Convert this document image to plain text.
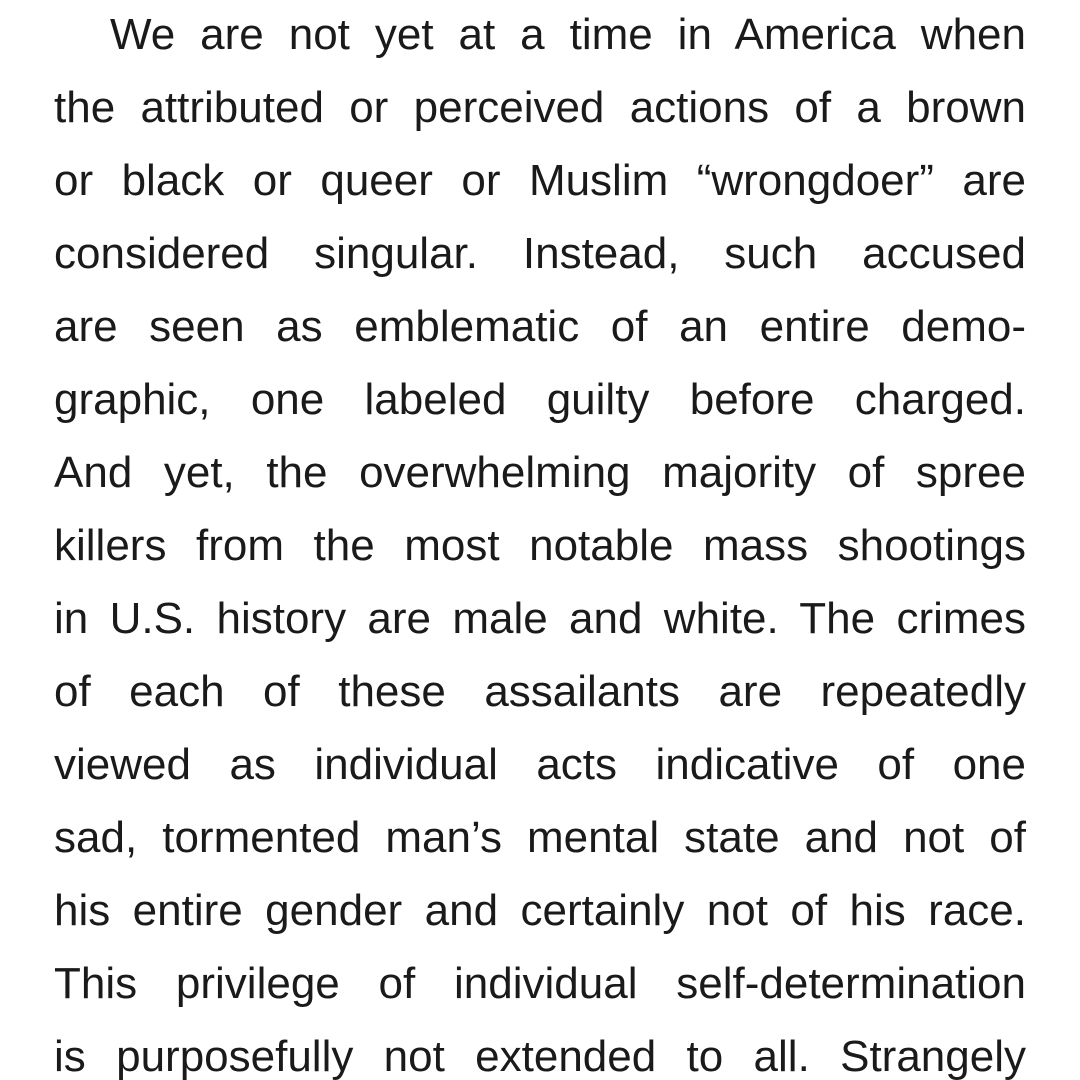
We are not yet at a time in America when
the attributed or perceived actions of a brown
or black or queer or Muslim “wrongdoer” are
considered singular. Instead, such accused
are seen as emblematic of an entire demo-
graphic, one labeled guilty before charged.
And yet, the overwhelming majority of spree
killers from the most notable mass shootings
in U.S. history are male and white. The crimes
of each of these assailants are repeatedly
viewed as individual acts indicative of one
sad, tormented man’s mental state and not of
his entire gender and certainly not of his race.
This privilege of individual self-determination
is purposefully not extended to all. Strangely
